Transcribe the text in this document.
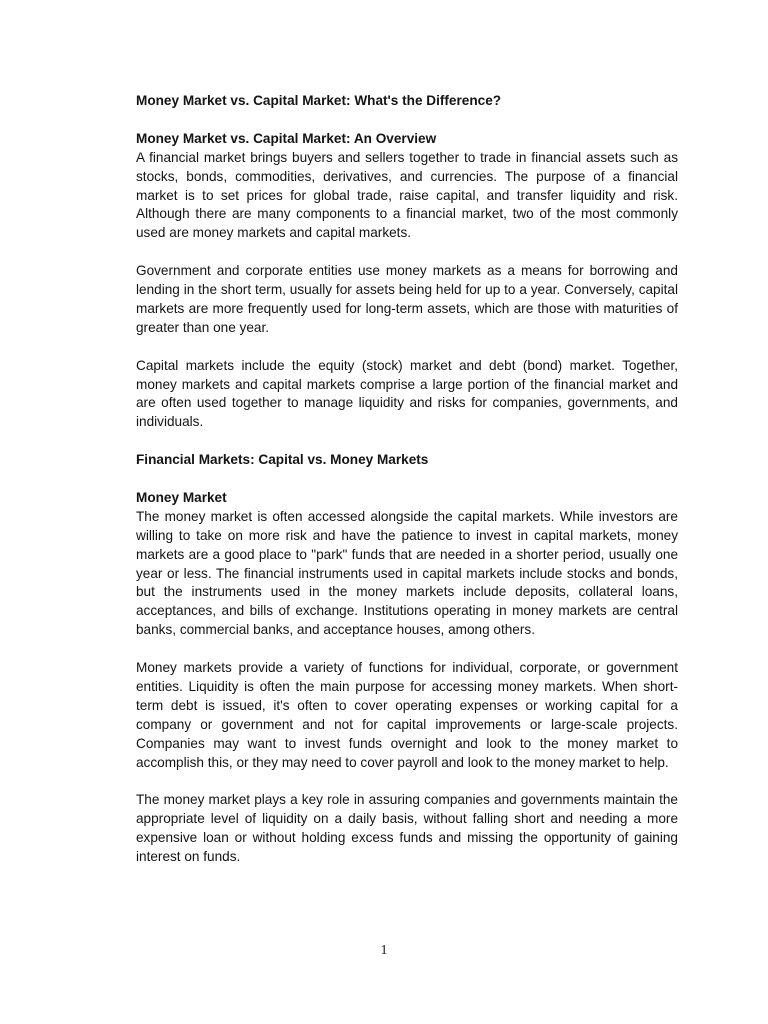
Money Market vs. Capital Market: What's the Difference?

Money Market vs. Capital Market: An Overview

A financial market brings buyers and sellers together to trade in financial assets such as stocks, bonds, commodities, derivatives, and currencies. The purpose of a financial market is to set prices for global trade, raise capital, and transfer liquidity and risk. Although there are many components to a financial market, two of the most commonly used are money markets and capital markets.

Government and corporate entities use money markets as a means for borrowing and lending in the short term, usually for assets being held for up to a year. Conversely, capital markets are more frequently used for long-term assets, which are those with maturities of greater than one year.

Capital markets include the equity (stock) market and debt (bond) market. Together, money markets and capital markets comprise a large portion of the financial market and are often used together to manage liquidity and risks for companies, governments, and individuals.

Financial Markets: Capital vs. Money Markets

Money Market

The money market is often accessed alongside the capital markets. While investors are willing to take on more risk and have the patience to invest in capital markets, money markets are a good place to "park" funds that are needed in a shorter period, usually one year or less. The financial instruments used in capital markets include stocks and bonds, but the instruments used in the money markets include deposits, collateral loans, acceptances, and bills of exchange. Institutions operating in money markets are central banks, commercial banks, and acceptance houses, among others.

Money markets provide a variety of functions for individual, corporate, or government entities. Liquidity is often the main purpose for accessing money markets. When short-term debt is issued, it's often to cover operating expenses or working capital for a company or government and not for capital improvements or large-scale projects. Companies may want to invest funds overnight and look to the money market to accomplish this, or they may need to cover payroll and look to the money market to help.

The money market plays a key role in assuring companies and governments maintain the appropriate level of liquidity on a daily basis, without falling short and needing a more expensive loan or without holding excess funds and missing the opportunity of gaining interest on funds.

1
